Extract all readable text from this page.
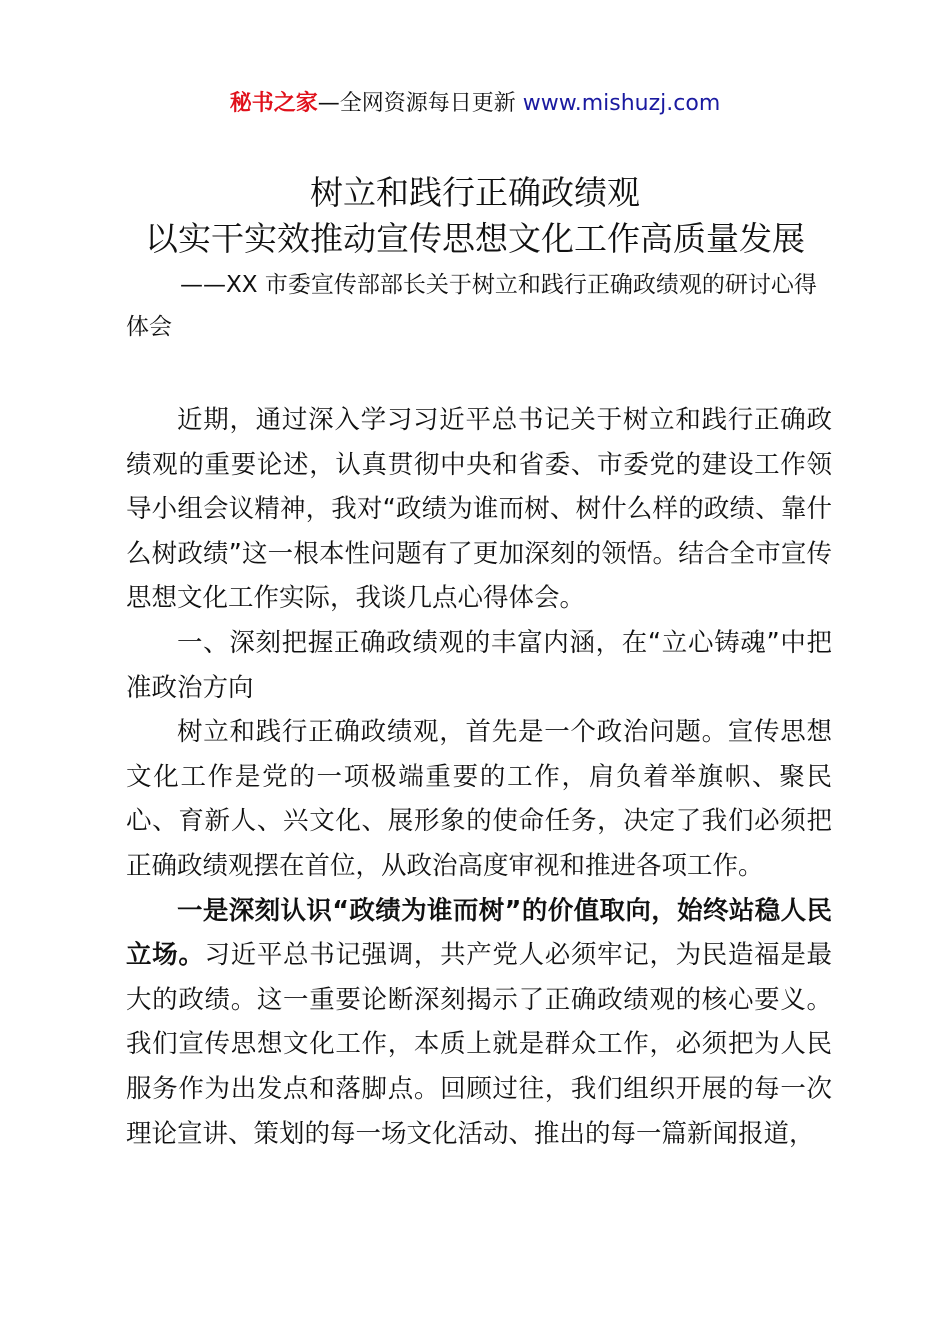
秘书之家—全网资源每日更新 www.mishuzj.com
树立和践行正确政绩观
以实干实效推动宣传思想文化工作高质量发展
——XX 市委宣传部部长关于树立和践行正确政绩观的研讨心得体会

近期，通过深入学习习近平总书记关于树立和践行正确政绩观的重要论述，认真贯彻中央和省委、市委党的建设工作领导小组会议精神，我对“政绩为谁而树、树什么样的政绩、靠什么树政绩”这一根本性问题有了更加深刻的领悟。结合全市宣传思想文化工作实际，我谈几点心得体会。

一、深刻把握正确政绩观的丰富内涵，在“立心铸魂”中把准政治方向

树立和践行正确政绩观，首先是一个政治问题。宣传思想文化工作是党的一项极端重要的工作，肩负着举旗帜、聚民心、育新人、兴文化、展形象的使命任务，决定了我们必须把正确政绩观摆在首位，从政治高度审视和推进各项工作。

一是深刻认识“政绩为谁而树”的价值取向，始终站稳人民立场。习近平总书记强调，共产党人必须牢记，为民造福是最大的政绩。这一重要论断深刻揭示了正确政绩观的核心要义。我们宣传思想文化工作，本质上就是群众工作，必须把为人民服务作为出发点和落脚点。回顾过往，我们组织开展的每一次理论宣讲、策划的每一场文化活动、推出的每一篇新闻报道，
